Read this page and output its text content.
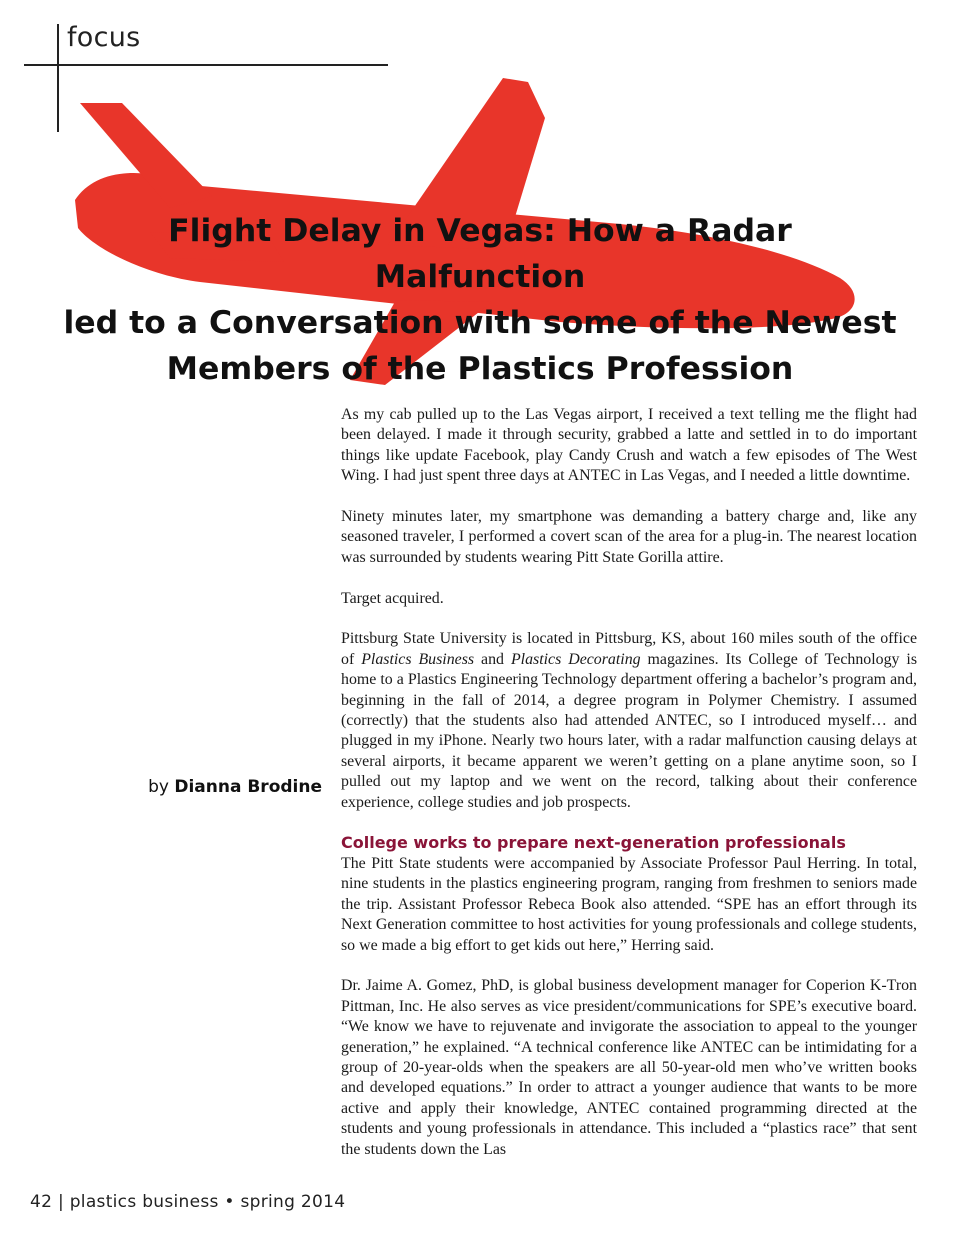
focus
Flight Delay in Vegas: How a Radar Malfunction
led to a Conversation with some of the Newest
Members of the Plastics Profession
by Dianna Brodine

As my cab pulled up to the Las Vegas airport, I received a text telling me the flight had been delayed. I made it through security, grabbed a latte and settled in to do important things like update Facebook, play Candy Crush and watch a few episodes of The West Wing. I had just spent three days at ANTEC in Las Vegas, and I needed a little downtime.

Ninety minutes later, my smartphone was demanding a battery charge and, like any seasoned traveler, I performed a covert scan of the area for a plug-in. The nearest location was surrounded by students wearing Pitt State Gorilla attire.

Target acquired.

Pittsburg State University is located in Pittsburg, KS, about 160 miles south of the office of Plastics Business and Plastics Decorating magazines. Its College of Technology is home to a Plastics Engineering Technology department offering a bachelor’s program and, beginning in the fall of 2014, a degree program in Polymer Chemistry. I assumed (correctly) that the students also had attended ANTEC, so I introduced myself… and plugged in my iPhone. Nearly two hours later, with a radar malfunction causing delays at several airports, it became apparent we weren’t getting on a plane anytime soon, so I pulled out my laptop and we went on the record, talking about their conference experience, college studies and job prospects.

College works to prepare next-generation professionals

The Pitt State students were accompanied by Associate Professor Paul Herring. In total, nine students in the plastics engineering program, ranging from freshmen to seniors made the trip. Assistant Professor Rebeca Book also attended. “SPE has an effort through its Next Generation committee to host activities for young professionals and college students, so we made a big effort to get kids out here,” Herring said.

Dr. Jaime A. Gomez, PhD, is global business development manager for Coperion K-Tron Pittman, Inc. He also serves as vice president/communications for SPE’s executive board. “We know we have to rejuvenate and invigorate the association to appeal to the younger generation,” he explained. “A technical conference like ANTEC can be intimidating for a group of 20-year-olds when the speakers are all 50-year-old men who’ve written books and developed equations.” In order to attract a younger audience that wants to be more active and apply their knowledge, ANTEC contained programming directed at the students and young professionals in attendance. This included a “plastics race” that sent the students down the Las

42 | plastics business • spring 2014
